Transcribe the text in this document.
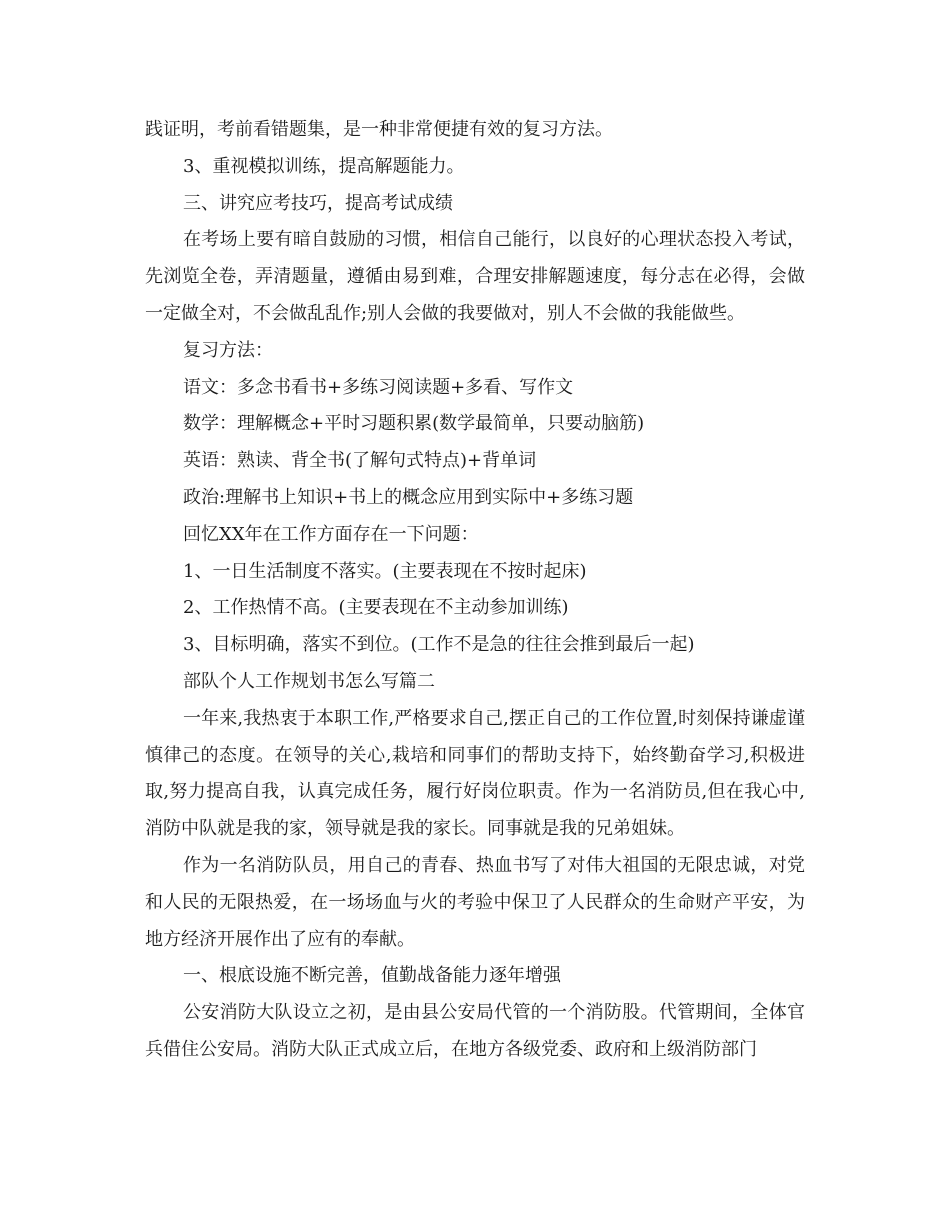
践证明，考前看错题集，是一种非常便捷有效的复习方法。

3、重视模拟训练，提高解题能力。

三、讲究应考技巧，提高考试成绩

在考场上要有暗自鼓励的习惯，相信自己能行，以良好的心理状态投入考试，先浏览全卷，弄清题量，遵循由易到难，合理安排解题速度，每分志在必得，会做一定做全对，不会做乱乱作;别人会做的我要做对，别人不会做的我能做些。

复习方法：

语文：多念书看书+多练习阅读题+多看、写作文

数学：理解概念+平时习题积累(数学最简单，只要动脑筋)

英语：熟读、背全书(了解句式特点)+背单词

政治:理解书上知识+书上的概念应用到实际中+多练习题

回忆XX年在工作方面存在一下问题：

1、一日生活制度不落实。(主要表现在不按时起床)

2、工作热情不高。(主要表现在不主动参加训练)

3、目标明确，落实不到位。(工作不是急的往往会推到最后一起)

部队个人工作规划书怎么写篇二

一年来,我热衷于本职工作,严格要求自己,摆正自己的工作位置,时刻保持谦虚谨慎律己的态度。在领导的关心,栽培和同事们的帮助支持下，始终勤奋学习,积极进取,努力提高自我，认真完成任务，履行好岗位职责。作为一名消防员,但在我心中,消防中队就是我的家，领导就是我的家长。同事就是我的兄弟姐妹。

作为一名消防队员，用自己的青春、热血书写了对伟大祖国的无限忠诚，对党和人民的无限热爱，在一场场血与火的考验中保卫了人民群众的生命财产平安，为地方经济开展作出了应有的奉献。

一、根底设施不断完善，值勤战备能力逐年增强

公安消防大队设立之初，是由县公安局代管的一个消防股。代管期间，全体官兵借住公安局。消防大队正式成立后，在地方各级党委、政府和上级消防部门
